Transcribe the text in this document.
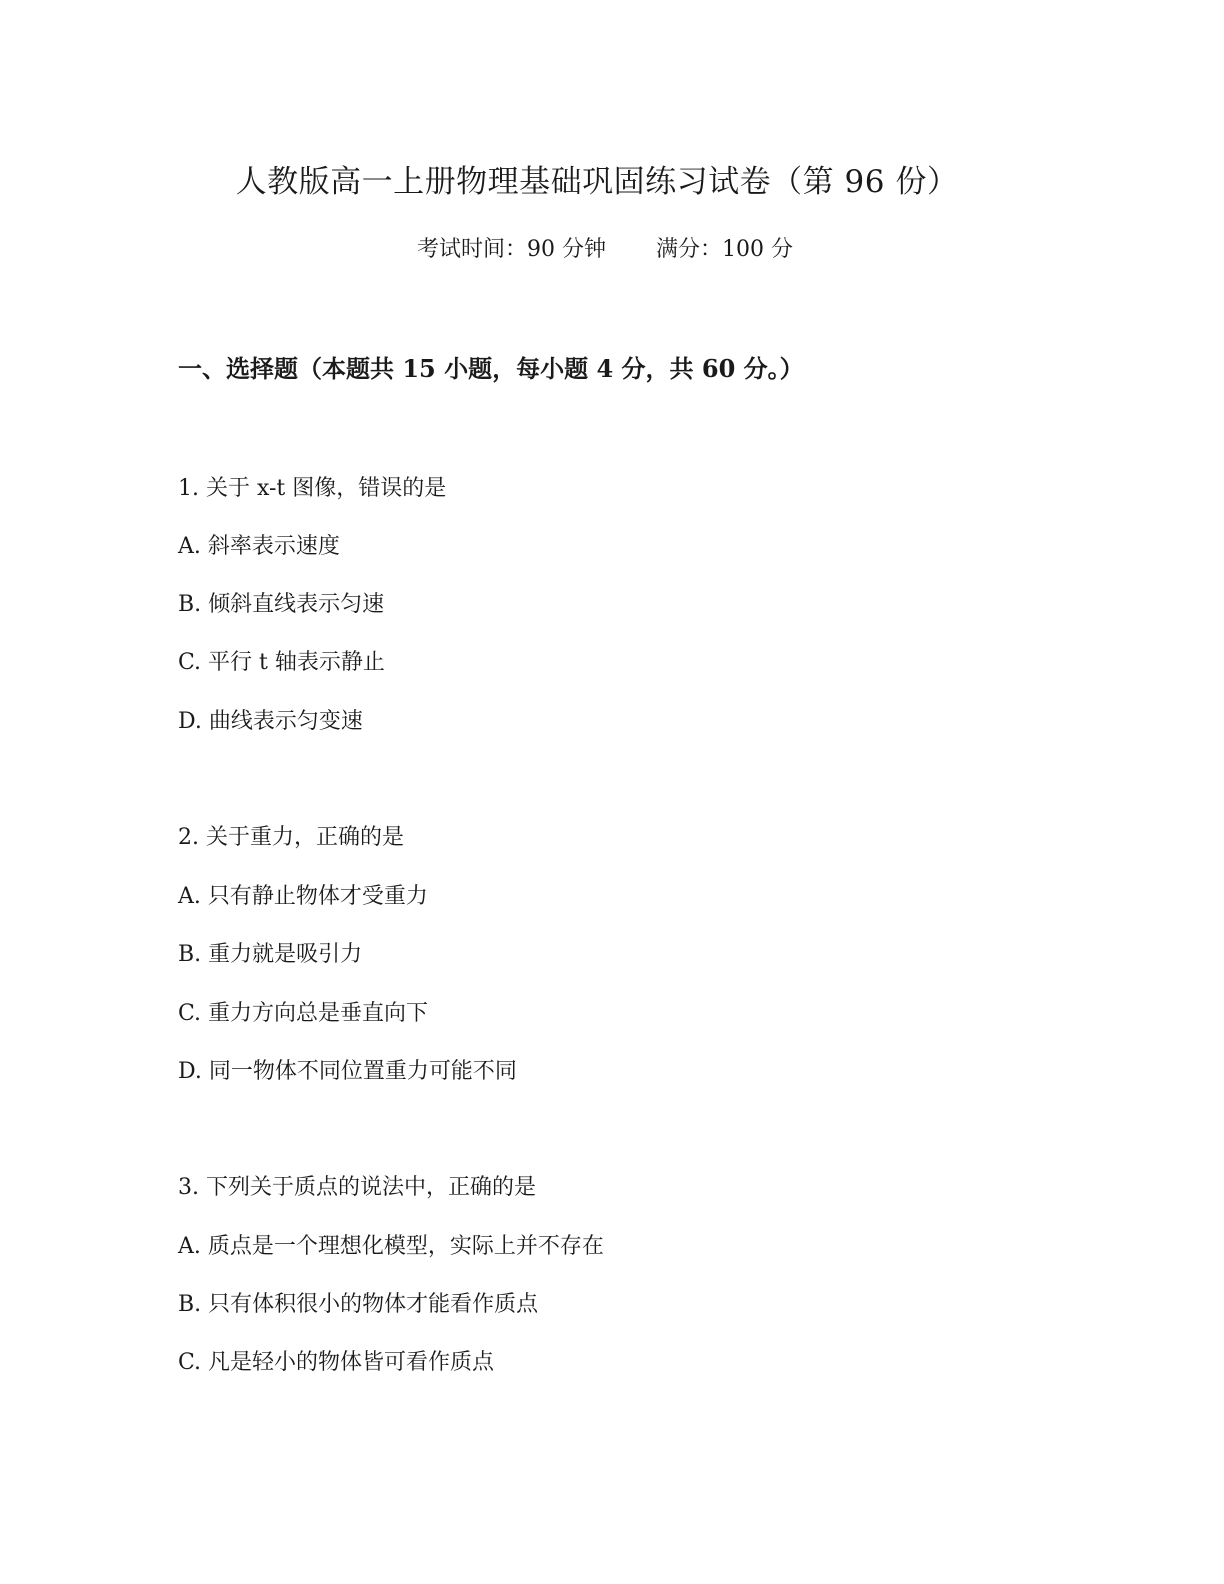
人教版高一上册物理基础巩固练习试卷（第 96 份）
考试时间：90 分钟 满分：100 分
一、选择题（本题共 15 小题，每小题 4 分，共 60 分。）
1. 关于 x-t 图像，错误的是
A. 斜率表示速度
B. 倾斜直线表示匀速
C. 平行 t 轴表示静止
D. 曲线表示匀变速
2. 关于重力，正确的是
A. 只有静止物体才受重力
B. 重力就是吸引力
C. 重力方向总是垂直向下
D. 同一物体不同位置重力可能不同
3. 下列关于质点的说法中，正确的是
A. 质点是一个理想化模型，实际上并不存在
B. 只有体积很小的物体才能看作质点
C. 凡是轻小的物体皆可看作质点
